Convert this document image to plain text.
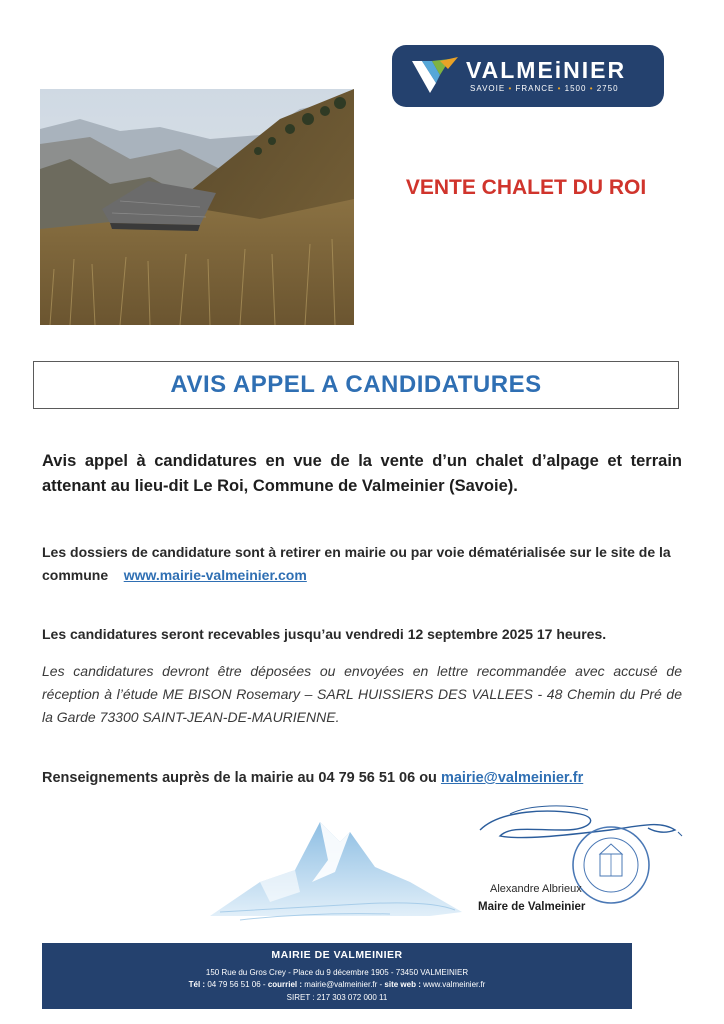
VALMEiNIER
SAVOIE • FRANCE • 1500 • 2750
VENTE CHALET DU ROI
AVIS APPEL A CANDIDATURES
Avis appel à candidatures en vue de la vente d’un chalet d’alpage et terrain attenant au lieu-dit Le Roi, Commune de Valmeinier (Savoie).
Les dossiers de candidature sont à retirer en mairie ou par voie dématérialisée sur le site de la commune www.mairie-valmeinier.com
Les candidatures seront recevables jusqu’au vendredi 12 septembre 2025 17 heures.
Les candidatures devront être déposées ou envoyées en lettre recommandée avec accusé de réception à l’étude ME BISON Rosemary – SARL HUISSIERS DES VALLEES - 48 Chemin du Pré de la Garde 73300 SAINT-JEAN-DE-MAURIENNE.
Renseignements auprès de la mairie au 04 79 56 51 06 ou mairie@valmeinier.fr
Alexandre Albrieux
Maire de Valmeinier
MAIRIE DE VALMEINIER
150 Rue du Gros Crey - Place du 9 décembre 1905 - 73450 VALMEINIER
Tél : 04 79 56 51 06 - courriel : mairie@valmeinier.fr - site web : www.valmeinier.fr
SIRET : 217 303 072 000 11
